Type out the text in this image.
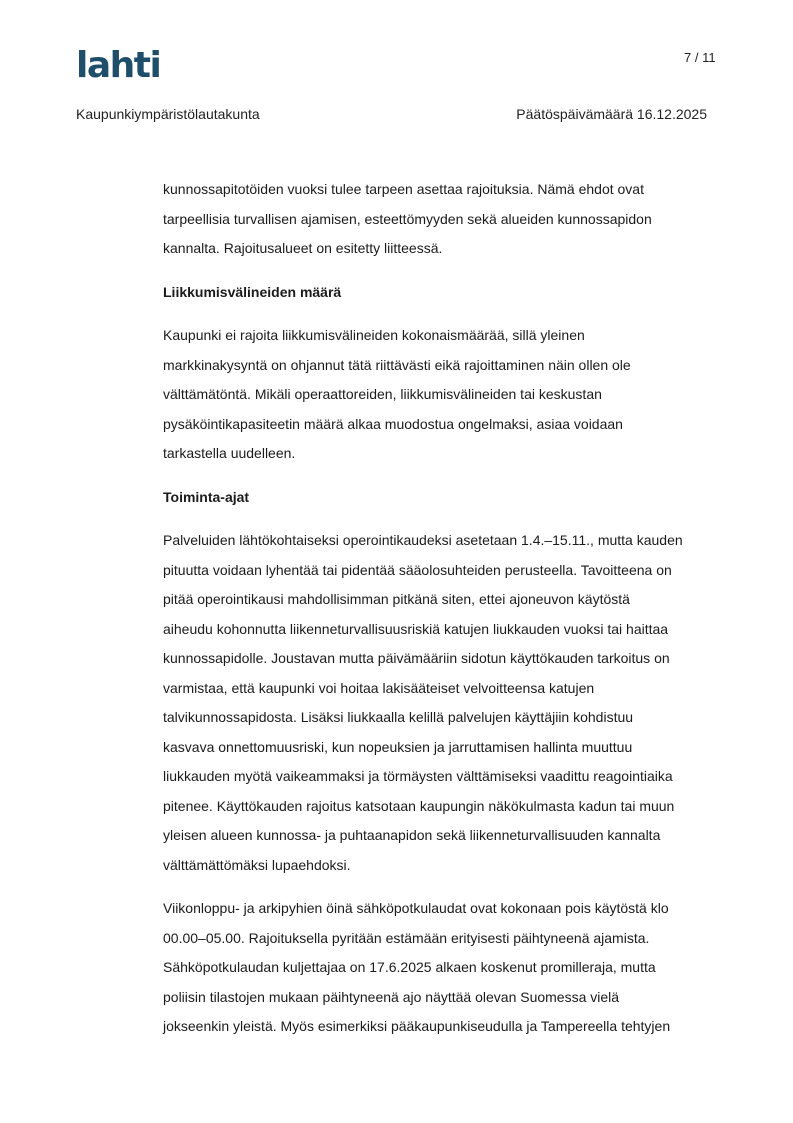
lahti	7 / 11
Kaupunkiympäristölautakunta	Päätöspäivämäärä 16.12.2025

kunnossapitotöiden vuoksi tulee tarpeen asettaa rajoituksia. Nämä ehdot ovat
tarpeellisia turvallisen ajamisen, esteettömyyden sekä alueiden kunnossapidon
kannalta. Rajoitusalueet on esitetty liitteessä.

Liikkumisvälineiden määrä

Kaupunki ei rajoita liikkumisvälineiden kokonaismäärää, sillä yleinen
markkinakysyntä on ohjannut tätä riittävästi eikä rajoittaminen näin ollen ole
välttämätöntä. Mikäli operaattoreiden, liikkumisvälineiden tai keskustan
pysäköintikapasiteetin määrä alkaa muodostua ongelmaksi, asiaa voidaan
tarkastella uudelleen.

Toiminta-ajat

Palveluiden lähtökohtaiseksi operointikaudeksi asetetaan 1.4.–15.11., mutta kauden
pituutta voidaan lyhentää tai pidentää sääolosuhteiden perusteella. Tavoitteena on
pitää operointikausi mahdollisimman pitkänä siten, ettei ajoneuvon käytöstä
aiheudu kohonnutta liikenneturvallisuusriskiä katujen liukkauden vuoksi tai haittaa
kunnossapidolle. Joustavan mutta päivämääriin sidotun käyttökauden tarkoitus on
varmistaa, että kaupunki voi hoitaa lakisääteiset velvoitteensa katujen
talvikunnossapidosta. Lisäksi liukkaalla kelillä palvelujen käyttäjiin kohdistuu
kasvava onnettomuusriski, kun nopeuksien ja jarruttamisen hallinta muuttuu
liukkauden myötä vaikeammaksi ja törmäysten välttämiseksi vaadittu reagointiaika
pitenee. Käyttökauden rajoitus katsotaan kaupungin näkökulmasta kadun tai muun
yleisen alueen kunnossa- ja puhtaanapidon sekä liikenneturvallisuuden kannalta
välttämättömäksi lupaehdoksi.

Viikonloppu- ja arkipyhien öinä sähköpotkulaudat ovat kokonaan pois käytöstä klo
00.00–05.00. Rajoituksella pyritään estämään erityisesti päihtyneenä ajamista.
Sähköpotkulaudan kuljettajaa on 17.6.2025 alkaen koskenut promilleraja, mutta
poliisin tilastojen mukaan päihtyneenä ajo näyttää olevan Suomessa vielä
jokseenkin yleistä. Myös esimerkiksi pääkaupunkiseudulla ja Tampereella tehtyjen
